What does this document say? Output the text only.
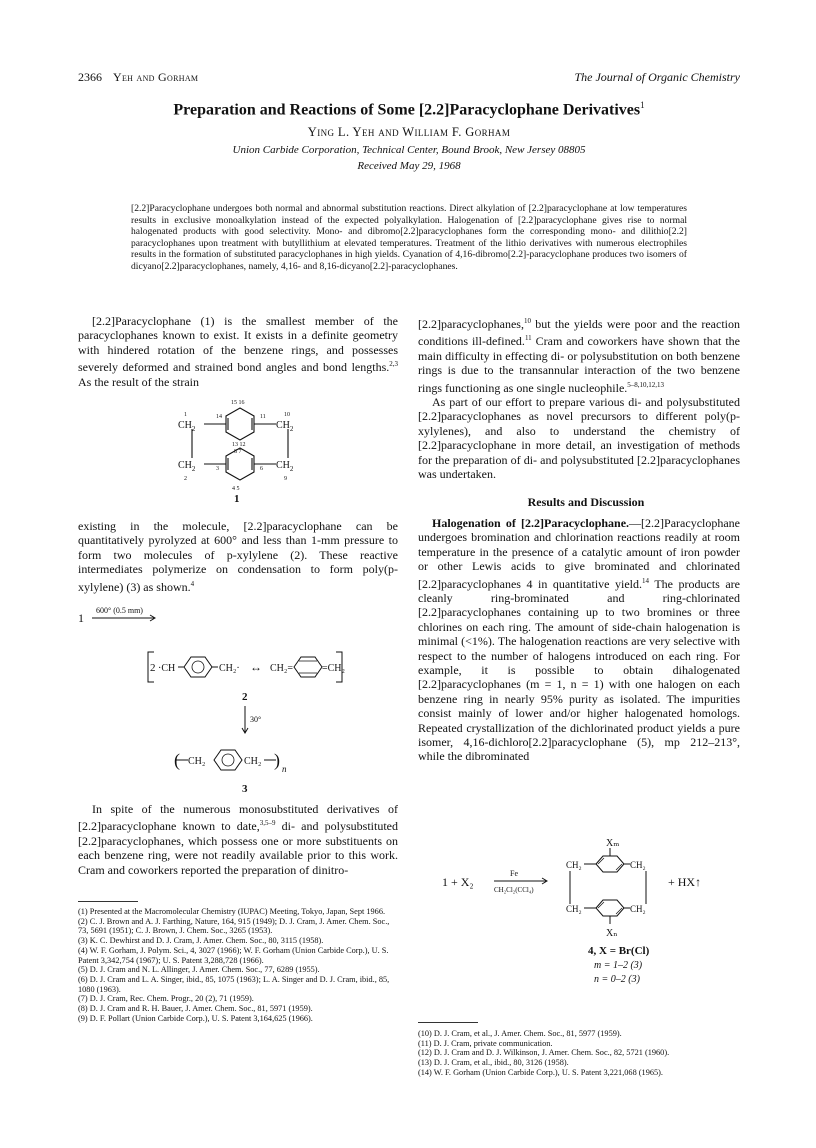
2366 Yeh and Gorham	The Journal of Organic Chemistry

Preparation and Reactions of Some [2.2]Paracyclophane Derivatives$^1$

Ying L. Yeh and William F. Gorham

Union Carbide Corporation, Technical Center, Bound Brook, New Jersey 08805

Received May 29, 1968

[2.2]Paracyclophane undergoes both normal and abnormal substitution reactions. Direct alkylation of [2.2]paracyclophane at low temperatures results in exclusive monoalkylation instead of the expected polyalkylation. Halogenation of [2.2]paracyclophane gives rise to normal halogenated products with good selectivity. Mono- and dibromo[2.2]paracyclophanes form the corresponding mono- and dilithio[2.2] paracyclophanes upon treatment with butyllithium at elevated temperatures. Treatment of the lithio derivatives with numerous electrophiles results in the formation of substituted paracyclophanes in high yields. Cyanation of 4,16-dibromo[2.2]-paracyclophane produces two isomers of dicyano[2.2]paracyclophanes, namely, 4,16- and 8,16-dicyano[2.2]-paracyclophanes.

[2.2]Paracyclophane (1) is the smallest member of the paracyclophanes known to exist. It exists in a definite geometry with hindered rotation of the benzene rings, and possesses severely deformed and strained bond angles and bond lengths.$^{2,3}$ As the result of the strain

$CH_2$	$CH_2$
$CH_2$	$CH_2$
15 16
13 12
8 7
4 5
1	14	11	10
3
2
6
9
1

existing in the molecule, [2.2]paracyclophane can be quantitatively pyrolyzed at 600° and less than 1-mm pressure to form two molecules of p-xylylene (2). These reactive intermediates polymerize on condensation to form poly(p-xylylene) (3) as shown.$^4$

1
600° (0.5 mm)
2 ·CH	CH₂· ↔ CH₂=	=CH₂
2
30°
( CH₂	CH₂ ) n
3

In spite of the numerous monosubstituted derivatives of [2.2]paracyclophane known to date,$^{3,5-9}$ di- and polysubstituted [2.2]paracyclophanes, which possess one or more substituents on each benzene ring, were not readily available prior to this work. Cram and coworkers reported the preparation of dinitro-

(1) Presented at the Macromolecular Chemistry (IUPAC) Meeting, Tokyo, Japan, Sept 1966.
(2) C. J. Brown and A. J. Farthing, Nature, 164, 915 (1949); D. J. Cram, J. Amer. Chem. Soc., 73, 5691 (1951); C. J. Brown, J. Chem. Soc., 3265 (1953).
(3) K. C. Dewhirst and D. J. Cram, J. Amer. Chem. Soc., 80, 3115 (1958).
(4) W. F. Gorham, J. Polym. Sci., 4, 3027 (1966); W. F. Gorham (Union Carbide Corp.), U. S. Patent 3,342,754 (1967); U. S. Patent 3,288,728 (1966).
(5) D. J. Cram and N. L. Allinger, J. Amer. Chem. Soc., 77, 6289 (1955).
(6) D. J. Cram and L. A. Singer, ibid., 85, 1075 (1963); L. A. Singer and D. J. Cram, ibid., 85, 1080 (1963).
(7) D. J. Cram, Rec. Chem. Progr., 20 (2), 71 (1959).
(8) D. J. Cram and R. H. Bauer, J. Amer. Chem. Soc., 81, 5971 (1959).
(9) D. F. Pollart (Union Carbide Corp.), U. S. Patent 3,164,625 (1966).

[2.2]paracyclophanes,$^{10}$ but the yields were poor and the reaction conditions ill-defined.$^{11}$ Cram and coworkers have shown that the main difficulty in effecting di- or polysubstitution on both benzene rings is due to the transannular interaction of the two benzene rings functioning as one single nucleophile.$^{5-8,10,12,13}$

As part of our effort to prepare various di- and polysubstituted [2.2]paracyclophanes as novel precursors to different poly(p-xylylenes), and also to understand the chemistry of [2.2]paracyclophane in more detail, an investigation of methods for the preparation of di- and polysubstituted [2.2]paracyclophanes was undertaken.

Results and Discussion

Halogenation of [2.2]Paracyclophane.—[2.2]Paracyclophane undergoes bromination and chlorination reactions readily at room temperature in the presence of a catalytic amount of iron powder or other Lewis acids to give brominated and chlorinated [2.2]paracyclophanes 4 in quantitative yield.$^{14}$ The products are cleanly ring-brominated and ring-chlorinated [2.2]paracyclophanes containing up to two bromines or three chlorines on each ring. The amount of side-chain halogenation is minimal (<1%). The halogenation reactions are very selective with respect to the number of halogens introduced on each ring. For example, it is possible to obtain dihalogenated [2.2]paracyclophanes (m = 1, n = 1) with one halogen on each benzene ring in nearly 95% purity as isolated. The impurities consist mainly of lower and/or higher halogenated homologs. Repeated crystallization of the dichlorinated product yields a pure isomer, 4,16-dichloro[2.2]paracyclophane (5), mp 212–213°, while the dibrominated

1 + X₂
Fe
CH₂Cl₂(CCl₄)
Xₘ
CH₂	CH₂
CH₂	CH₂
Xₙ
+ HX↑
4, X = Br(Cl)
m = 1–2 (3)
n = 0–2 (3)
(10) D. J. Cram, et al., J. Amer. Chem. Soc., 81, 5977 (1959).
(11) D. J. Cram, private communication.
(12) D. J. Cram and D. J. Wilkinson, J. Amer. Chem. Soc., 82, 5721 (1960).
(13) D. J. Cram, et al., ibid., 80, 3126 (1958).
(14) W. F. Gorham (Union Carbide Corp.), U. S. Patent 3,221,068 (1965).
